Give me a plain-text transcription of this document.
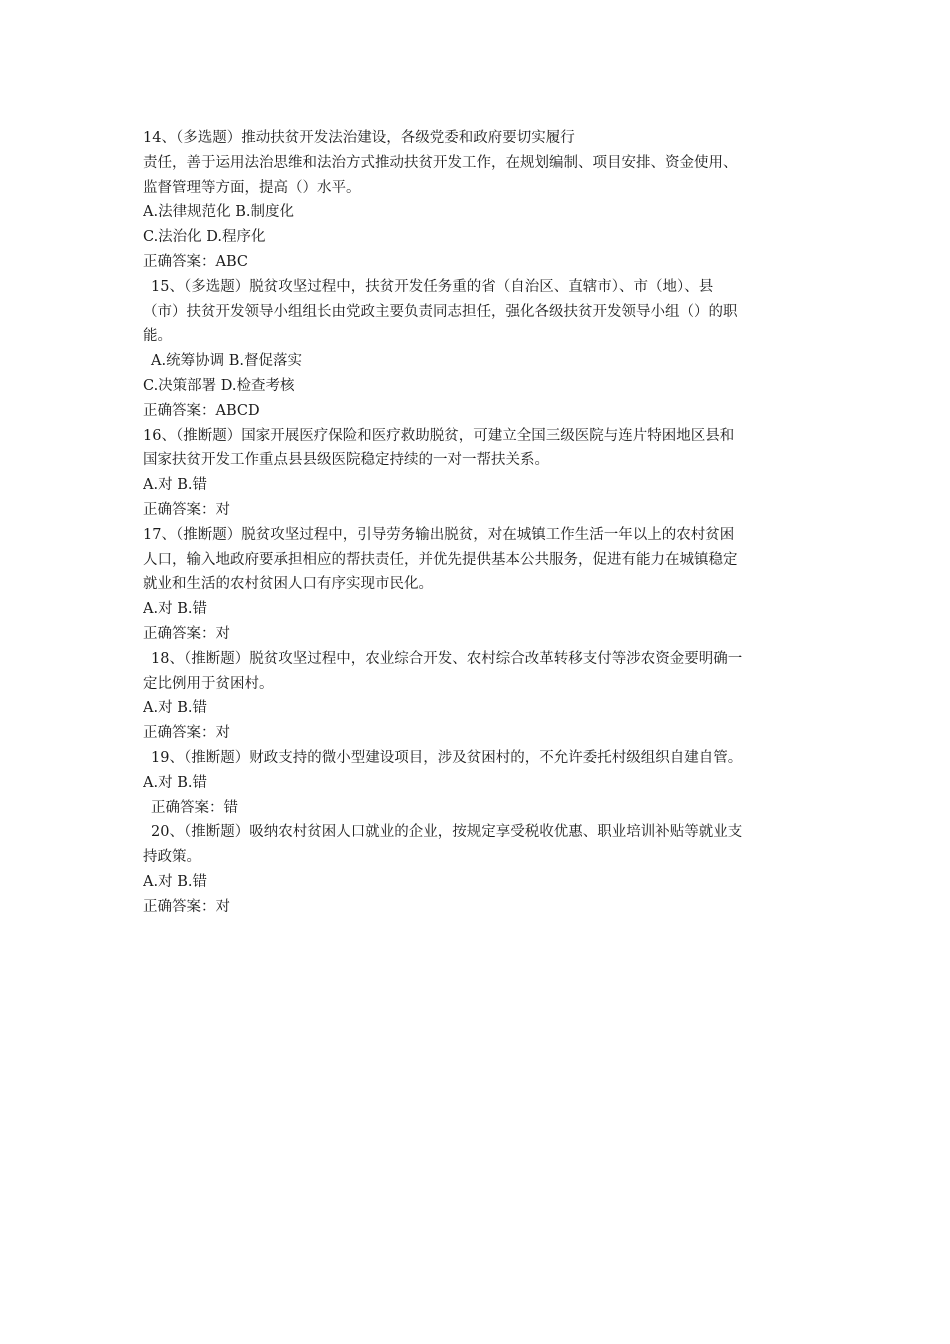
14、（多选题）推动扶贫开发法治建设，各级党委和政府要切实履行
责任，善于运用法治思维和法治方式推动扶贫开发工作，在规划编制、项目安排、资金使用、
监督管理等方面，提高（）水平。
A.法律规范化 B.制度化
C.法治化 D.程序化
正确答案：ABC
15、（多选题）脱贫攻坚过程中，扶贫开发任务重的省（自治区、直辖市）、市（地）、县
（市）扶贫开发领导小组组长由党政主要负责同志担任，强化各级扶贫开发领导小组（）的职
能。
A.统筹协调 B.督促落实
C.决策部署 D.检查考核
正确答案：ABCD
16、（推断题）国家开展医疗保险和医疗救助脱贫，可建立全国三级医院与连片特困地区县和
国家扶贫开发工作重点县县级医院稳定持续的一对一帮扶关系。
A.对 B.错
正确答案：对
17、（推断题）脱贫攻坚过程中，引导劳务输出脱贫，对在城镇工作生活一年以上的农村贫困
人口，输入地政府要承担相应的帮扶责任，并优先提供基本公共服务，促进有能力在城镇稳定
就业和生活的农村贫困人口有序实现市民化。
A.对 B.错
正确答案：对
18、（推断题）脱贫攻坚过程中，农业综合开发、农村综合改革转移支付等涉农资金要明确一
定比例用于贫困村。
A.对 B.错
正确答案：对
19、（推断题）财政支持的微小型建设项目，涉及贫困村的，不允许委托村级组织自建自管。
A.对 B.错
正确答案：错
20、（推断题）吸纳农村贫困人口就业的企业，按规定享受税收优惠、职业培训补贴等就业支
持政策。
A.对 B.错
正确答案：对
